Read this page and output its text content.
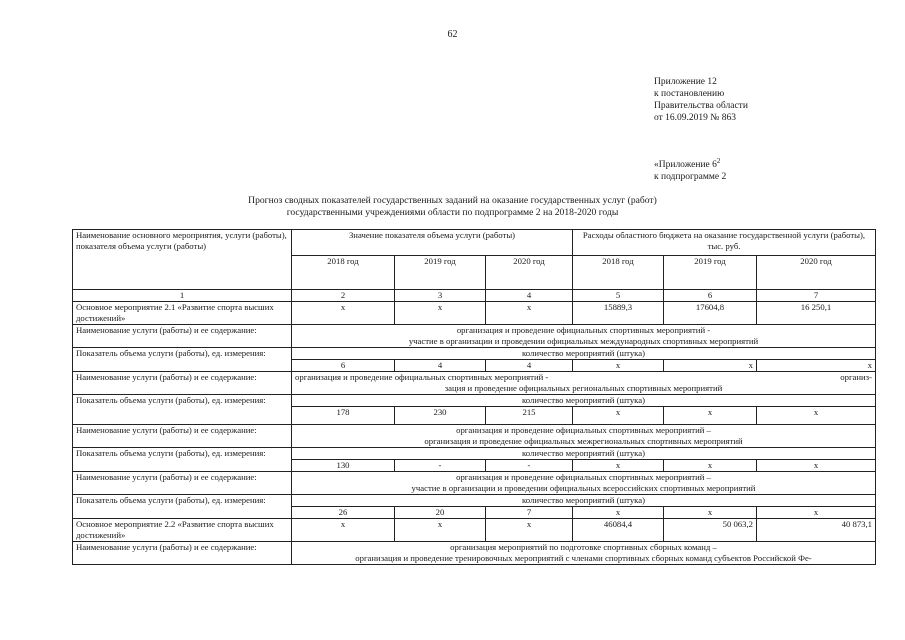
62
Приложение 12
к постановлению
Правительства области
от 16.09.2019 № 863
«Приложение $6^2$
к подпрограмме 2
Прогноз сводных показателей государственных заданий на оказание государственных услуг (работ)
государственными учреждениями области по подпрограмме 2 на 2018-2020 годы
Наименование основного мероприятия, услуги (работы), показателя объема услуги (работы)	Значение показателя объема услуги (работы)			Расходы областного бюджета на оказание государственной услуги (работы), тыс. руб.		
	2018 год	2019 год	2020 год	2018 год	2019 год	2020 год
1	2	3	4	5	6	7
Основное мероприятие 2.1 «Развитие спорта высших достижений»	х	х	х	15889,3	17604,8	16 250,1
Наименование услуги (работы) и ее содержание:	организация и проведение официальных спортивных мероприятий -
участие в организации и проведении официальных международных спортивных мероприятий					

Показатель объема услуги (работы), ед. измерения:	количество мероприятий (штука)					
	6	4	4	х	х	х
Наименование услуги (работы) и ее содержание:	организация и проведение официальных спортивных мероприятий - организ-
зация и проведение официальных региональных спортивных мероприятий					

Показатель объема услуги (работы), ед. измерения:	количество мероприятий (штука)					
	178	230	215	х	х	х
Наименование услуги (работы) и ее содержание:	организация и проведение официальных спортивных мероприятий –
организация и проведение официальных межрегиональных спортивных мероприятий					

Показатель объема услуги (работы), ед. измерения:	количество мероприятий (штука)					
	130	-	-	х	х	х
Наименование услуги (работы) и ее содержание:	организация и проведение официальных спортивных мероприятий –
участие в организации и проведении официальных всероссийских спортивных мероприятий					

Показатель объема услуги (работы), ед. измерения:	количество мероприятий (штука)					
	26	20	7	х	х	х
Основное мероприятие 2.2 «Развитие спорта высших достижений»	х	х	х	46084,4	50 063,2	40 873,1
Наименование услуги (работы) и ее содержание:	организация мероприятий по подготовке спортивных сборных команд –
организация и проведение тренировочных мероприятий с членами спортивных сборных команд субъектов Российской Фе-					
